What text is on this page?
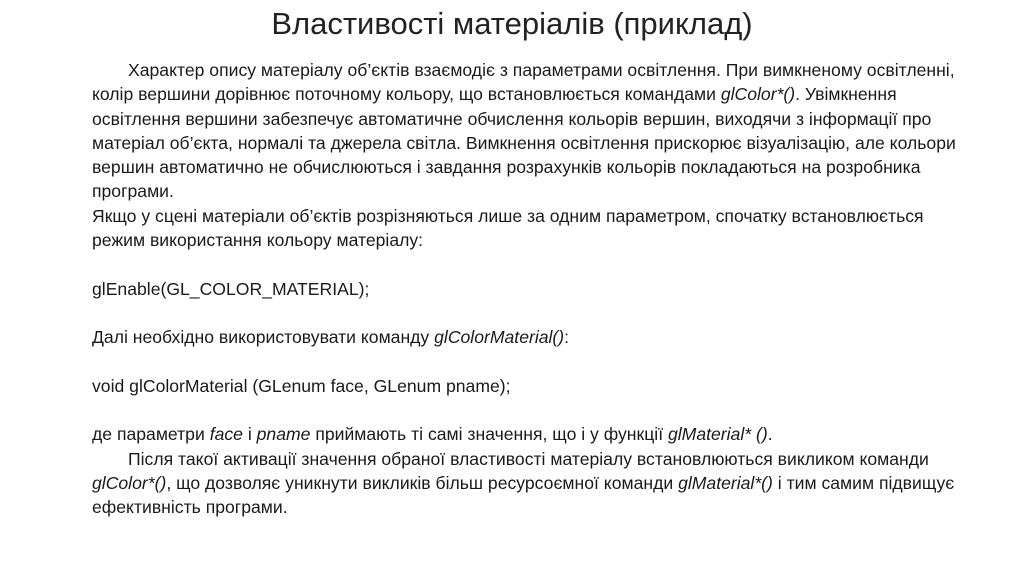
Властивості матеріалів (приклад)

Характер опису матеріалу об’єктів взаємодіє з параметрами освітлення. При вимкненому освітленні, колір вершини дорівнює поточному кольору, що встановлюється командами glColor*(). Увімкнення освітлення вершини забезпечує автоматичне обчислення кольорів вершин, виходячи з інформації про матеріал об’єкта, нормалі та джерела світла. Вимкнення освітлення прискорює візуалізацію, але кольори вершин автоматично не обчислюються і завдання розрахунків кольорів покладаються на розробника програми.

Якщо у сцені матеріали об’єктів розрізняються лише за одним параметром, спочатку встановлюється режим використання кольору матеріалу:

glEnable(GL_COLOR_MATERIAL);

Далі необхідно використовувати команду glColorMaterial():

void glColorMaterial (GLenum face, GLenum pname);

де параметри face і pname приймають ті самі значення, що і у функції glMaterial* ().

Після такої активації значення обраної властивості матеріалу встановлюються викликом команди glColor*(), що дозволяє уникнути викликів більш ресурсоємної команди glMaterial*() і тим самим підвищує ефективність програми.
